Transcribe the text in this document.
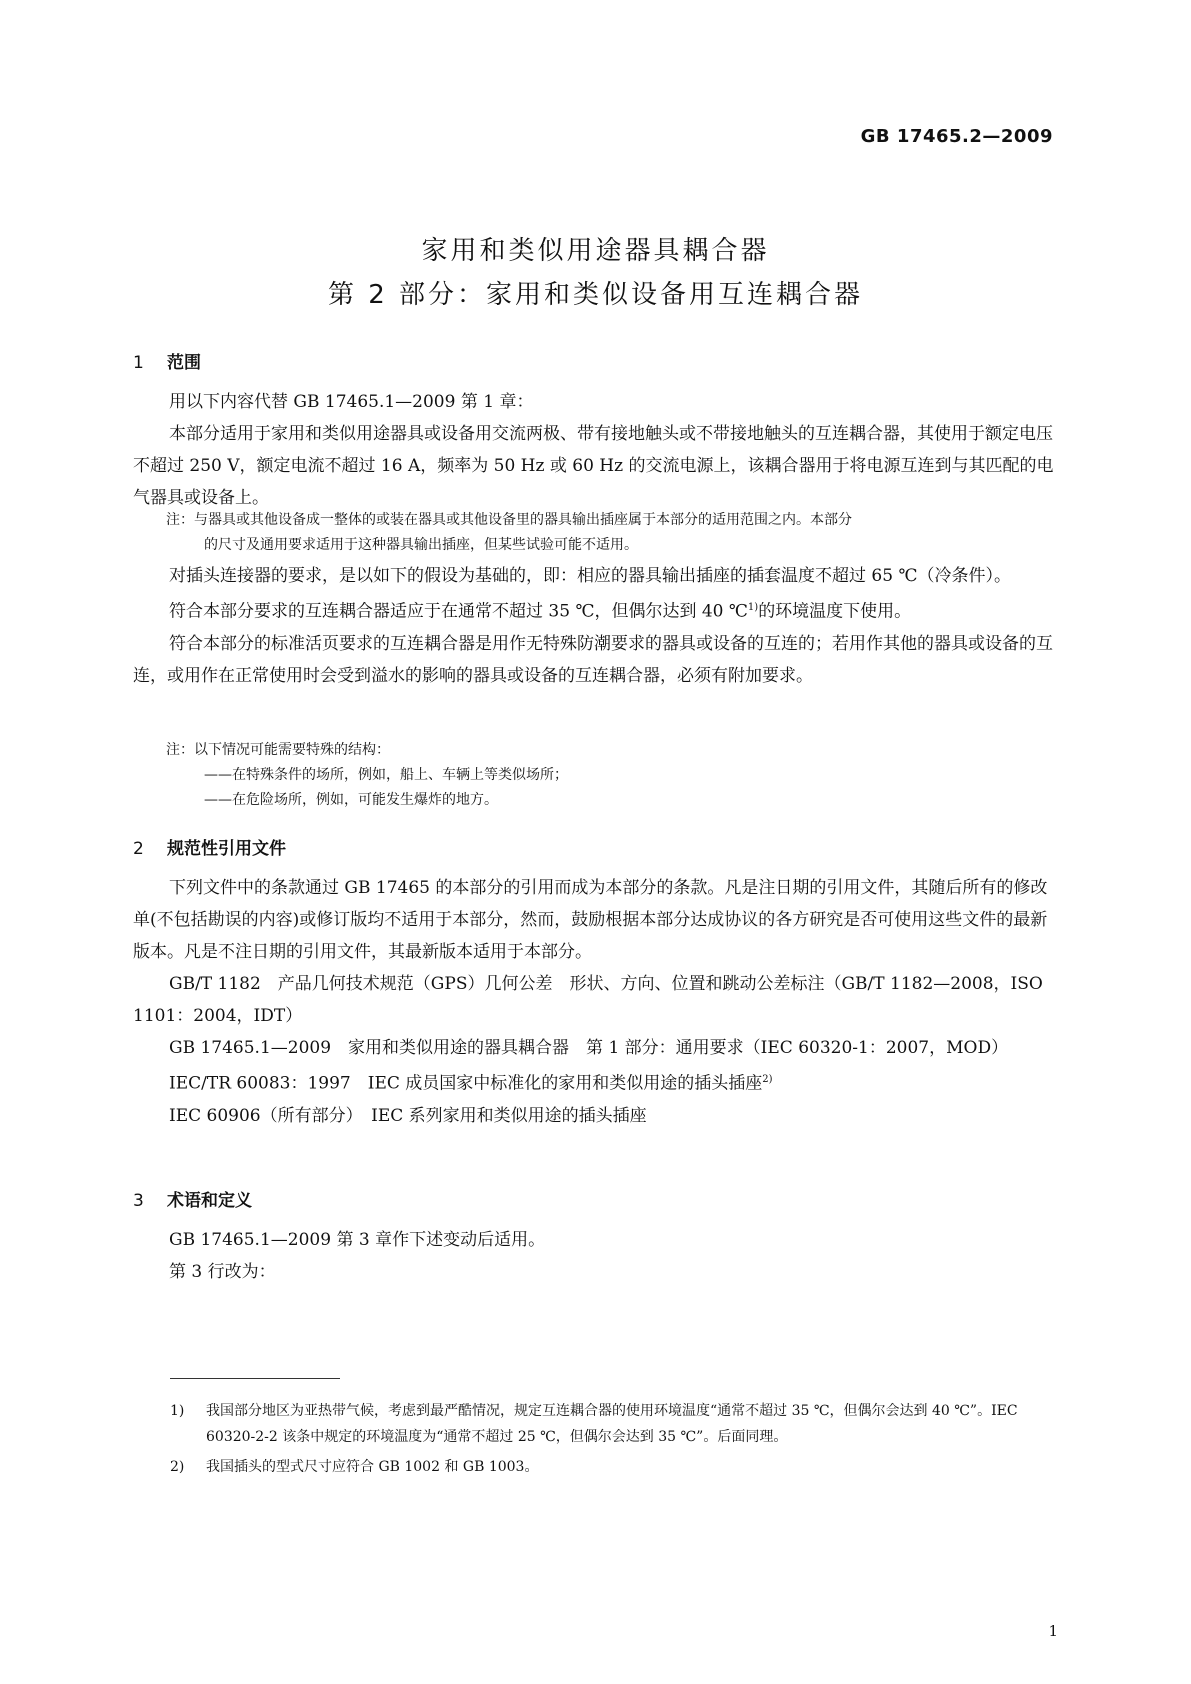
GB 17465.2—2009
家用和类似用途器具耦合器
第 2 部分：家用和类似设备用互连耦合器
1 范围

用以下内容代替 GB 17465.1—2009 第 1 章：

本部分适用于家用和类似用途器具或设备用交流两极、带有接地触头或不带接地触头的互连耦合器，其使用于额定电压不超过 250 V，额定电流不超过 16 A，频率为 50 Hz 或 60 Hz 的交流电源上，该耦合器用于将电源互连到与其匹配的电气器具或设备上。

注：与器具或其他设备成一整体的或装在器具或其他设备里的器具输出插座属于本部分的适用范围之内。本部分
的尺寸及通用要求适用于这种器具输出插座，但某些试验可能不适用。

对插头连接器的要求，是以如下的假设为基础的，即：相应的器具输出插座的插套温度不超过 65 ℃（冷条件）。

符合本部分要求的互连耦合器适应于在通常不超过 35 ℃，但偶尔达到 40 ℃$^{1)}$的环境温度下使用。

符合本部分的标准活页要求的互连耦合器是用作无特殊防潮要求的器具或设备的互连的；若用作其他的器具或设备的互连，或用作在正常使用时会受到溢水的影响的器具或设备的互连耦合器，必须有附加要求。

注：以下情况可能需要特殊的结构：
——在特殊条件的场所，例如，船上、车辆上等类似场所；
——在危险场所，例如，可能发生爆炸的地方。
2 规范性引用文件

下列文件中的条款通过 GB 17465 的本部分的引用而成为本部分的条款。凡是注日期的引用文件，其随后所有的修改单(不包括勘误的内容)或修订版均不适用于本部分，然而，鼓励根据本部分达成协议的各方研究是否可使用这些文件的最新版本。凡是不注日期的引用文件，其最新版本适用于本部分。

GB/T 1182　产品几何技术规范（GPS）几何公差　形状、方向、位置和跳动公差标注（GB/T 1182—2008，ISO 1101：2004，IDT）

GB 17465.1—2009　家用和类似用途的器具耦合器　第 1 部分：通用要求（IEC 60320-1：2007，MOD）

IEC/TR 60083：1997　IEC 成员国家中标准化的家用和类似用途的插头插座$^{2)}$

IEC 60906（所有部分）　IEC 系列家用和类似用途的插头插座

3 术语和定义

GB 17465.1—2009 第 3 章作下述变动后适用。

第 3 行改为：

1)	我国部分地区为亚热带气候，考虑到最严酷情况，规定互连耦合器的使用环境温度“通常不超过 35 ℃，但偶尔会达到 40 ℃”。IEC 60320-2-2 该条中规定的环境温度为“通常不超过 25 ℃，但偶尔会达到 35 ℃”。后面同理。
2)	我国插头的型式尺寸应符合 GB 1002 和 GB 1003。
1
